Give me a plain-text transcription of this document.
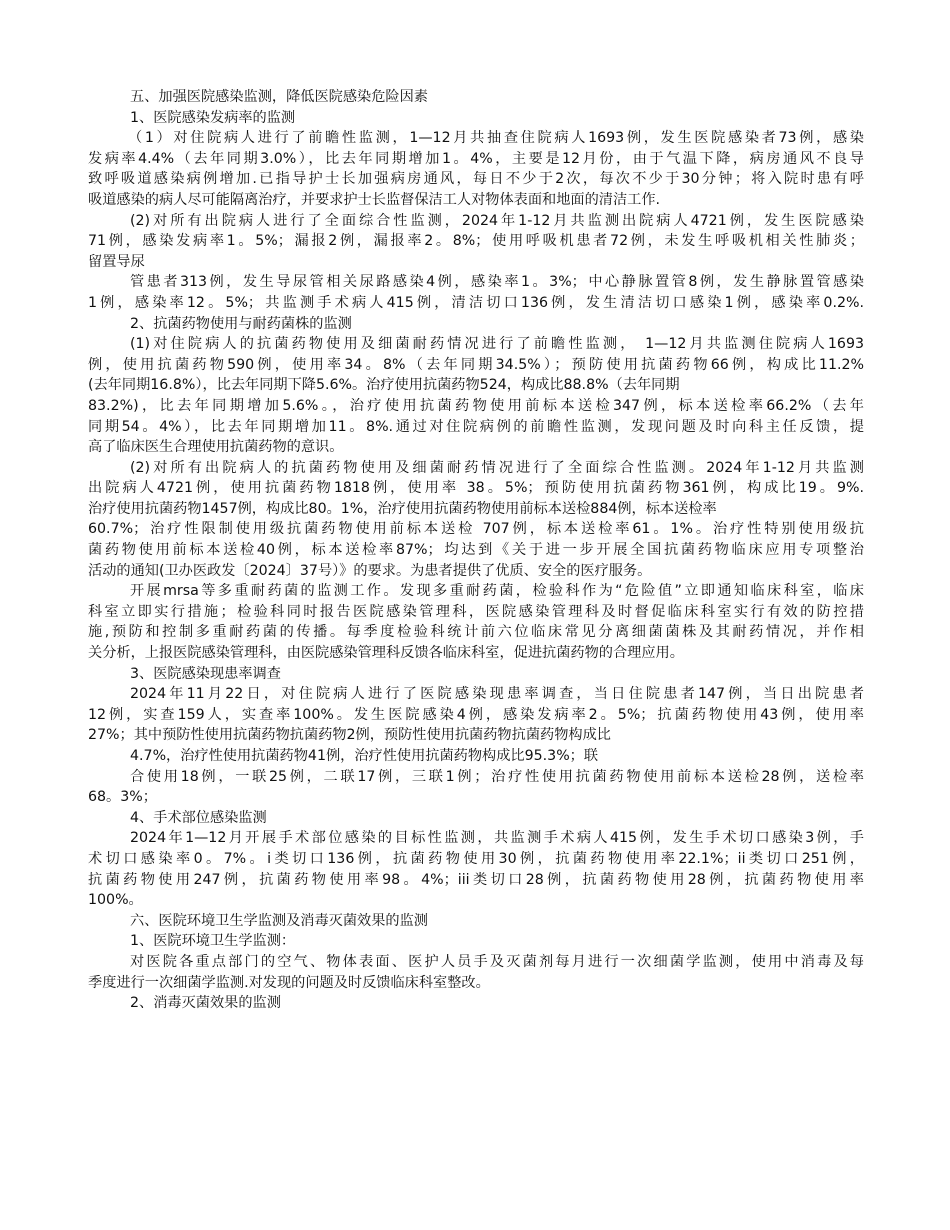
五、加强医院感染监测，降低医院感染危险因素
1、医院感染发病率的监测
（1）对住院病人进行了前瞻性监测，1—12月共抽查住院病人1693例，发生医院感染者73例，感染
发病率4.4%（去年同期3.0%），比去年同期增加1。4%，主要是12月份，由于气温下降，病房通风不良导
致呼吸道感染病例增加.已指导护士长加强病房通风，每日不少于2次，每次不少于30分钟；将入院时患有呼
吸道感染的病人尽可能隔离治疗，并要求护士长监督保洁工人对物体表面和地面的清洁工作.
(2)对所有出院病人进行了全面综合性监测，2024年1-12月共监测出院病人4721例，发生医院感染
71例，感染发病率1。5%；漏报2例，漏报率2。8%；使用呼吸机患者72例，未发生呼吸机相关性肺炎；
留置导尿
管患者313例，发生导尿管相关尿路感染4例，感染率1。3%；中心静脉置管8例，发生静脉置管感染
1例，感染率12。5%；共监测手术病人415例，清洁切口136例，发生清洁切口感染1例，感染率0.2%.
2、抗菌药物使用与耐药菌株的监测
(1)对住院病人的抗菌药物使用及细菌耐药情况进行了前瞻性监测， 1—12月共监测住院病人1693
例，使用抗菌药物590例，使用率34。8%（去年同期34.5%）；预防使用抗菌药物66例，构成比11.2%
(去年同期16.8%），比去年同期下降5.6%。治疗使用抗菌药物524，构成比88.8%（去年同期
83.2%)，比去年同期增加5.6%。，治疗使用抗菌药物使用前标本送检347例，标本送检率66.2%（去年
同期54。4%），比去年同期增加11。8%.通过对住院病例的前瞻性监测，发现问题及时向科主任反馈，提
高了临床医生合理使用抗菌药物的意识。
(2)对所有出院病人的抗菌药物使用及细菌耐药情况进行了全面综合性监测。2024年1-12月共监测
出院病人4721例，使用抗菌药物1818例，使用率 38。5%；预防使用抗菌药物361例，构成比19。9%.
治疗使用抗菌药物1457例，构成比80。1%，治疗使用抗菌药物使用前标本送检884例，标本送检率
60.7%；治疗性限制使用级抗菌药物使用前标本送检 707例，标本送检率61。1%。治疗性特别使用级抗
菌药物使用前标本送检40例，标本送检率87%；均达到《关于进一步开展全国抗菌药物临床应用专项整治
活动的通知(卫办医政发〔2024〕37号）》的要求。为患者提供了优质、安全的医疗服务。
开展mrsa等多重耐药菌的监测工作。发现多重耐药菌，检验科作为“危险值”立即通知临床科室，临床
科室立即实行措施；检验科同时报告医院感染管理科，医院感染管理科及时督促临床科室实行有效的防控措
施,预防和控制多重耐药菌的传播。每季度检验科统计前六位临床常见分离细菌菌株及其耐药情况，并作相
关分析，上报医院感染管理科，由医院感染管理科反馈各临床科室，促进抗菌药物的合理应用。
3、医院感染现患率调查
2024年11月22日，对住院病人进行了医院感染现患率调查，当日住院患者147例，当日出院患者
12例，实查159人，实查率100%。发生医院感染4例，感染发病率2。5%；抗菌药物使用43例，使用率
27%；其中预防性使用抗菌药物抗菌药物2例，预防性使用抗菌药物抗菌药物构成比
4.7%，治疗性使用抗菌药物41例，治疗性使用抗菌药物构成比95.3%；联
合使用18例，一联25例，二联17例，三联1例；治疗性使用抗菌药物使用前标本送检28例，送检率
68。3%；
4、手术部位感染监测
2024年1—12月开展手术部位感染的目标性监测，共监测手术病人415例，发生手术切口感染3例，手
术切口感染率0。7%。i类切口136例，抗菌药物使用30例，抗菌药物使用率22.1%；ii类切口251例，
抗菌药物使用247例，抗菌药物使用率98。4%；iii类切口28例，抗菌药物使用28例，抗菌药物使用率
100%。
六、医院环境卫生学监测及消毒灭菌效果的监测
1、医院环境卫生学监测：
对医院各重点部门的空气、物体表面、医护人员手及灭菌剂每月进行一次细菌学监测，使用中消毒及每
季度进行一次细菌学监测.对发现的问题及时反馈临床科室整改。
2、消毒灭菌效果的监测
